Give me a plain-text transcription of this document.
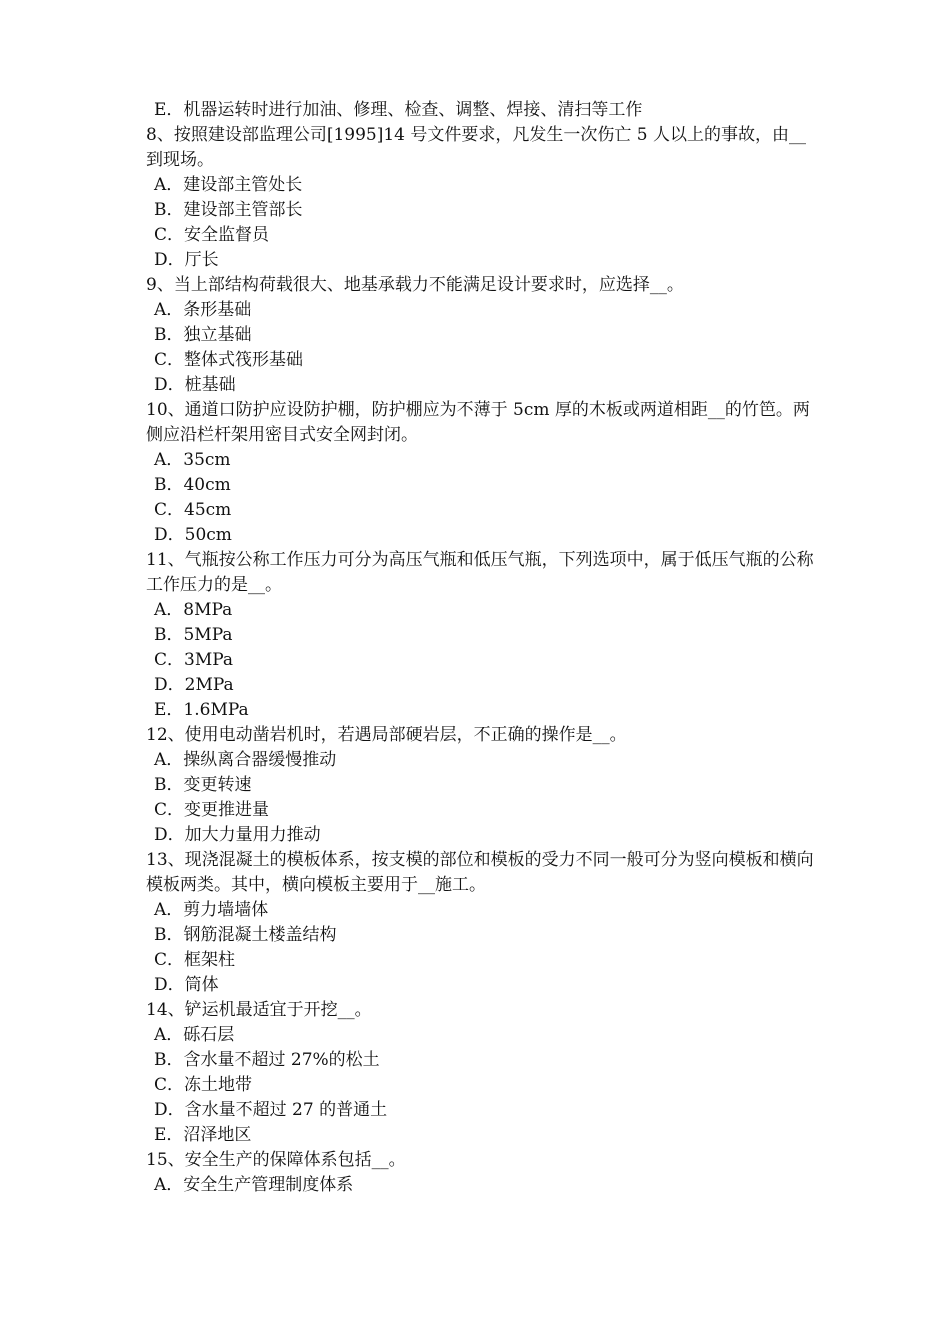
E．机器运转时进行加油、修理、检查、调整、焊接、清扫等工作
8、按照建设部监理公司[1995]14 号文件要求，凡发生一次伤亡 5 人以上的事故，由__到现场。
A．建设部主管处长
B．建设部主管部长
C．安全监督员
D．厅长
9、当上部结构荷载很大、地基承载力不能满足设计要求时，应选择__。
A．条形基础
B．独立基础
C．整体式筏形基础
D．桩基础
10、通道口防护应设防护棚，防护棚应为不薄于 5cm 厚的木板或两道相距__的竹笆。两侧应沿栏杆架用密目式安全网封闭。
A．35cm
B．40cm
C．45cm
D．50cm
11、气瓶按公称工作压力可分为高压气瓶和低压气瓶，下列选项中，属于低压气瓶的公称工作压力的是__。
A．8MPa
B．5MPa
C．3MPa
D．2MPa
E．1.6MPa
12、使用电动凿岩机时，若遇局部硬岩层，不正确的操作是__。
A．操纵离合器缓慢推动
B．变更转速
C．变更推进量
D．加大力量用力推动
13、现浇混凝土的模板体系，按支模的部位和模板的受力不同一般可分为竖向模板和横向模板两类。其中，横向模板主要用于__施工。
A．剪力墙墙体
B．钢筋混凝土楼盖结构
C．框架柱
D．筒体
14、铲运机最适宜于开挖__。
A．砾石层
B．含水量不超过 27%的松土
C．冻土地带
D．含水量不超过 27 的普通土
E．沼泽地区
15、安全生产的保障体系包括__。
A．安全生产管理制度体系
